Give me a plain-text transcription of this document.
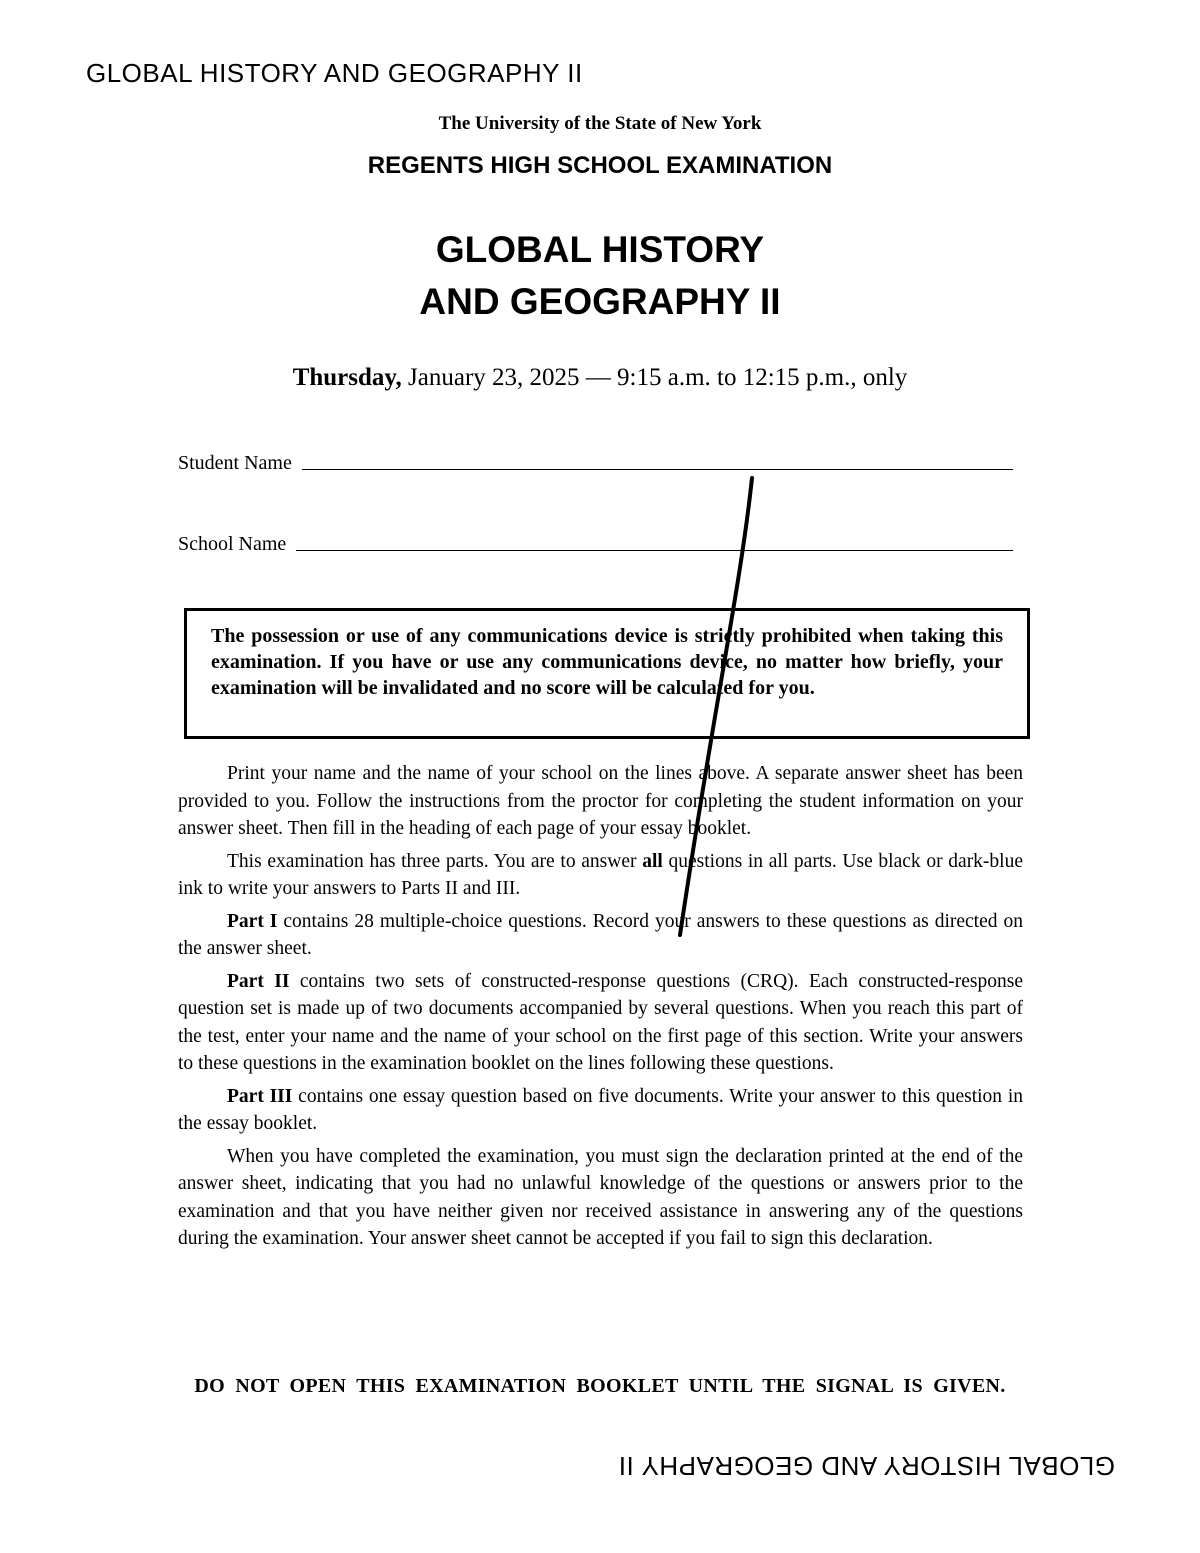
GLOBAL HISTORY AND GEOGRAPHY II
The University of the State of New York
REGENTS HIGH SCHOOL EXAMINATION
GLOBAL HISTORY
AND GEOGRAPHY II
Thursday, January 23, 2025 — 9:15 a.m. to 12:15 p.m., only
Student Name
School Name
The possession or use of any communications device is strictly prohibited when taking this examination. If you have or use any communications device, no matter how briefly, your examination will be invalidated and no score will be calculated for you.

Print your name and the name of your school on the lines above. A separate answer sheet has been provided to you. Follow the instructions from the proctor for completing the student information on your answer sheet. Then fill in the heading of each page of your essay booklet.

This examination has three parts. You are to answer all questions in all parts. Use black or dark-blue ink to write your answers to Parts II and III.

Part I contains 28 multiple-choice questions. Record your answers to these questions as directed on the answer sheet.

Part II contains two sets of constructed-response questions (CRQ). Each constructed-response question set is made up of two documents accompanied by several questions. When you reach this part of the test, enter your name and the name of your school on the first page of this section. Write your answers to these questions in the examination booklet on the lines following these questions.

Part III contains one essay question based on five documents. Write your answer to this question in the essay booklet.

When you have completed the examination, you must sign the declaration printed at the end of the answer sheet, indicating that you had no unlawful knowledge of the questions or answers prior to the examination and that you have neither given nor received assistance in answering any of the questions during the examination. Your answer sheet cannot be accepted if you fail to sign this declaration.

DO NOT OPEN THIS EXAMINATION BOOKLET UNTIL THE SIGNAL IS GIVEN.
GLOBAL HISTORY AND GEOGRAPHY II
